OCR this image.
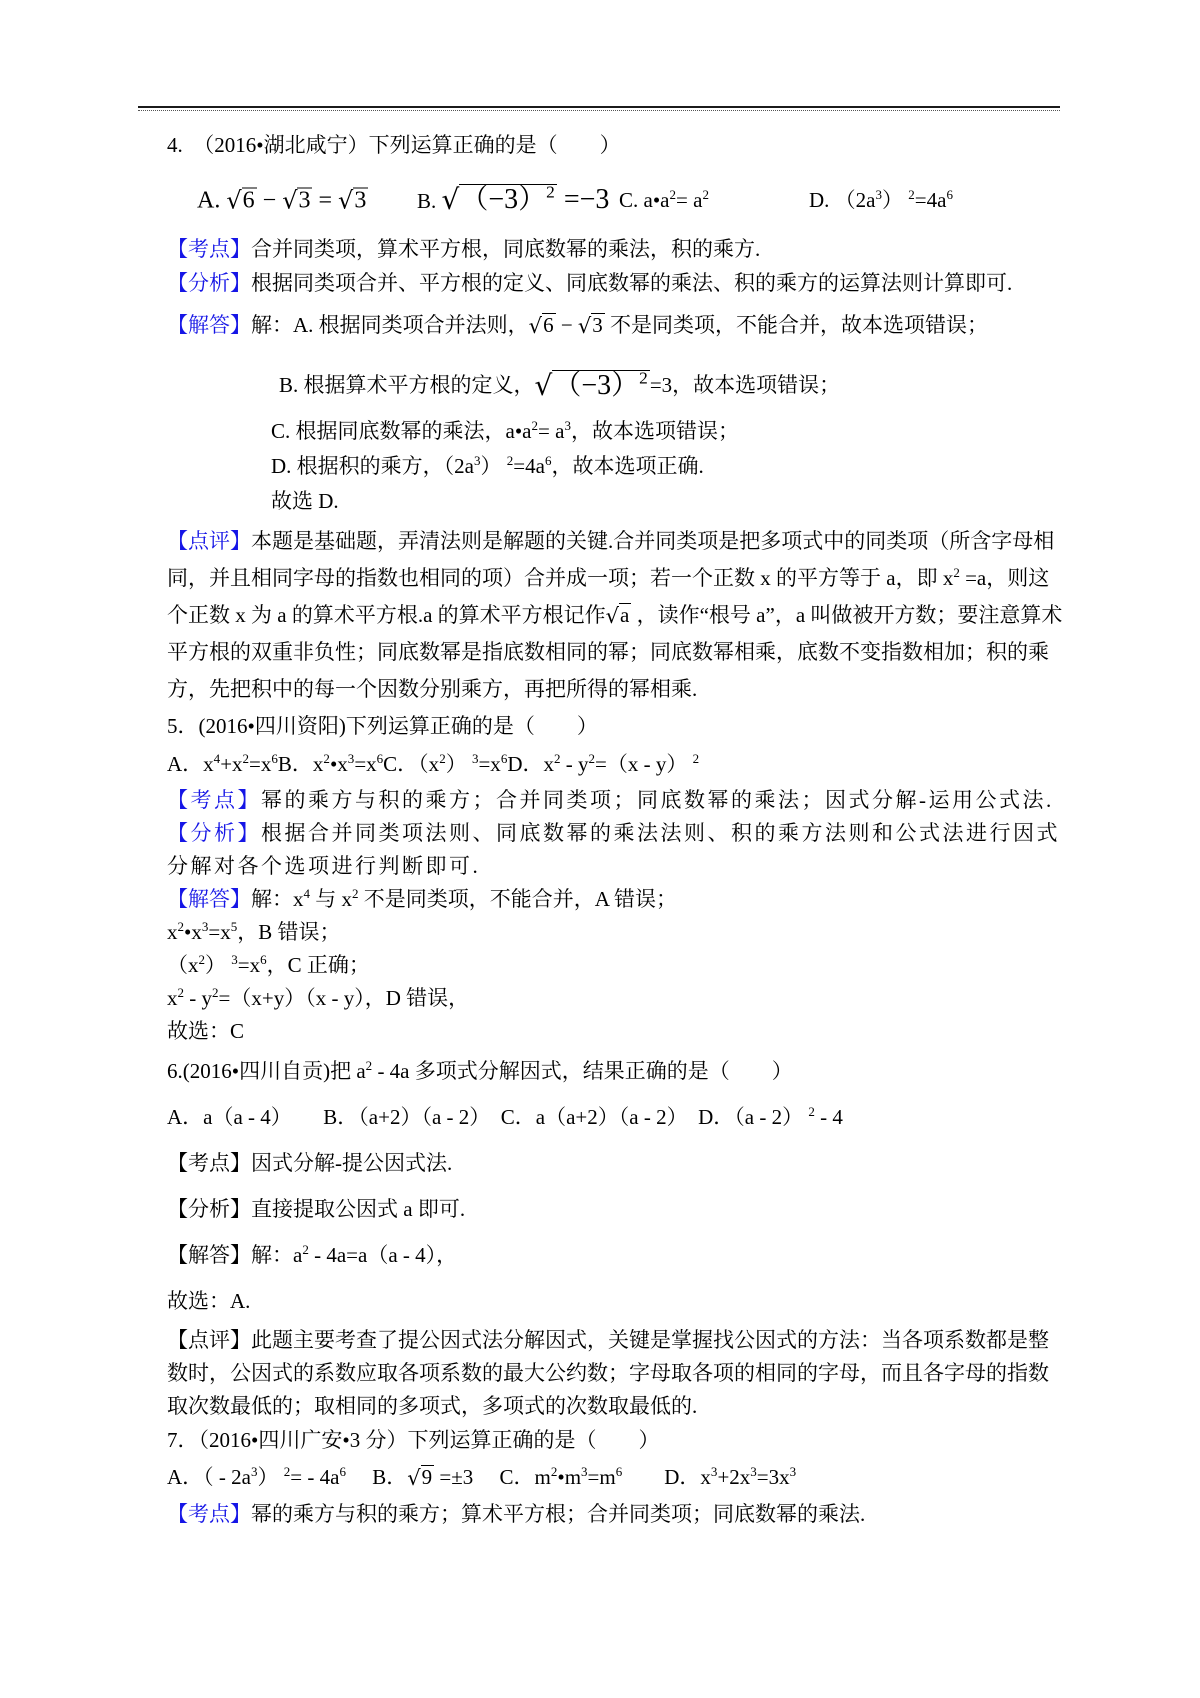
4.　（2016•湖北咸宁）下列运算正确的是（　　）

A. √6 − √3 = √3 B. $√(-3)^2 =-3$ C. $a•a^2= a^2$	D. $(2a^3)$ $^2=4a^6$

【考点】合并同类项，算术平方根，同底数幂的乘法，积的乘方.

【分析】根据同类项合并、平方根的定义、同底数幂的乘法、积的乘方的运算法则计算即可.

【解答】解：A. 根据同类项合并法则，√6 − √3 不是同类项，不能合并，故本选项错误；

B. 根据算术平方根的定义， $√(-3)^2 =3$，故本选项错误；

C. 根据同底数幂的乘法，$a•a^2= a^3$，故本选项错误；

D. 根据积的乘方，$(2a^3)$ $^2=4a^6$，故本选项正确.

故选 D.

【点评】本题是基础题，弄清法则是解题的关键.合并同类项是把多项式中的同类项（所含字母相同，并且相同字母的指数也相同的项）合并成一项；若一个正数 x 的平方等于 a，即 $x^2 =a$，则这个正数 x 为 a 的算术平方根.a 的算术平方根记作√a ，读作“根号 a”，a 叫做被开方数；要注意算术平方根的双重非负性；同底数幂是指底数相同的幂；同底数幂相乘，底数不变指数相加；积的乘方，先把积中的每一个因数分别乘方，再把所得的幂相乘.

5．(2016•四川资阳)下列运算正确的是（　　）

A．$x^4+x^2=x^6B$．$x^2•x^3=x^6C$．$(x^2)$ $^3=x^6D$．$x^2 - y^2=(x - y)$ $^2$

【考点】幂的乘方与积的乘方；合并同类项；同底数幂的乘法；因式分解-运用公式法.

【分析】根据合并同类项法则、同底数幂的乘法法则、积的乘方法则和公式法进行因式分解对各个选项进行判断即可.

【解答】解：$x^4$ 与 $x^2$ 不是同类项，不能合并，A 错误；

$x^2•x^3=x^5$，B 错误；

$(x^2)$ $^3=x^6$，C 正确；

$x^2 - y^2=(x+y)(x - y)$，D 错误，

故选：C

6.(2016•四川自贡)把 $a^2 - 4a$ 多项式分解因式，结果正确的是（　　）

A．a（a - 4）　　B．（a+2）（a - 2）　C．a（a+2）（a - 2）　D．（a - 2） $^2$ - 4

【考点】因式分解-提公因式法.

【分析】直接提取公因式 a 即可.

【解答】解：$a^2 - 4a=a(a - 4)$，

故选：A.

【点评】此题主要考查了提公因式法分解因式，关键是掌握找公因式的方法：当各项系数都是整数时，公因式的系数应取各项系数的最大公约数；字母取各项的相同的字母，而且各字母的指数取次数最低的；取相同的多项式，多项式的次数取最低的.

7．（2016•四川广安•3 分）下列运算正确的是（　　）

A．（ - $2a^3$） $^2= - 4a^6$　 B．√9 =±3　 C．$m^2•m^3=m^6$　　D．$x^3+2x^3=3x^3$

【考点】幂的乘方与积的乘方；算术平方根；合并同类项；同底数幂的乘法.
